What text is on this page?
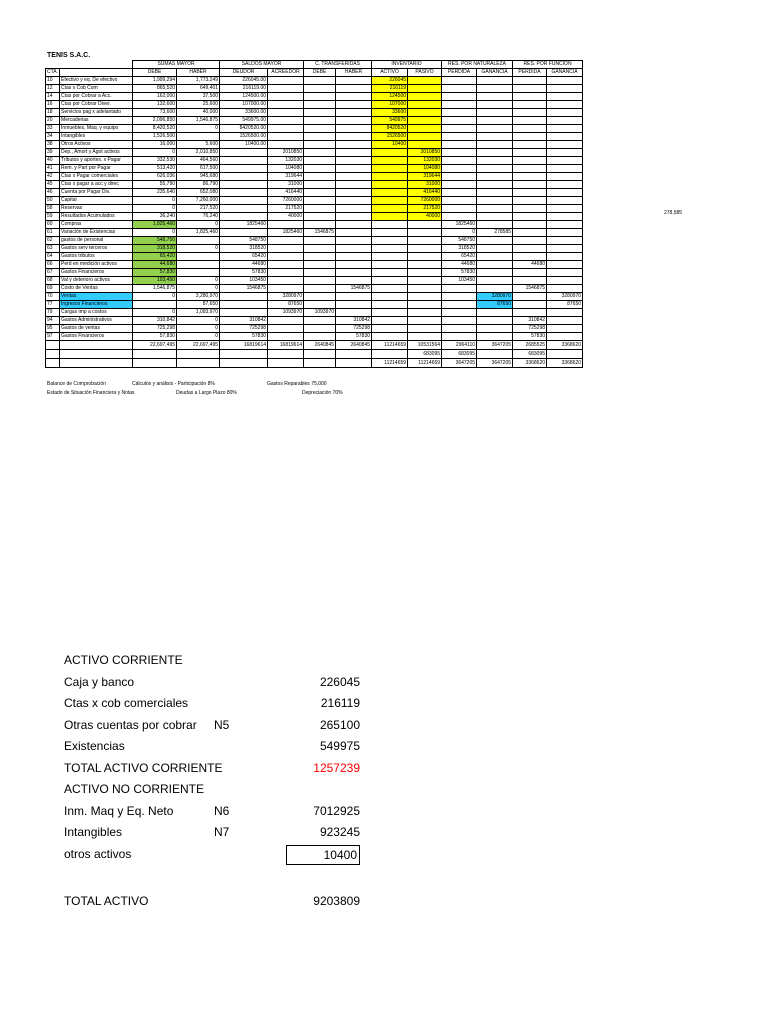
TENIS S.A.C.
		SUMAS MAYOR		SALDOS MAYOR		C. TRANSFERIDAS		INVENTARIO		RES. POR NATURALEZA		RES. POR FUNCIÓN	
CTA.		DEBE	HABER	DEUDOR	ACREEDOR	DEBE	HABER	ACTIVO	PASIVO	PERDIDA	GANANCIA	PERDIDA	GANANCIA
10	Efectivo y eq. De efectivo	1,999,294	1,773,249	226045.00				226045					
12	Ctas x Cob Com	865,520	649,401	216119.00				216119					
14	Ctas por Cobrar a Acc.	162,000	37,500	124500.00				124500					
16	Ctas por Cobrar Diver.	132,600	25,600	107000.00				107000					
18	Servicios pag x adelantado	73,600	40,000	33600.00				33600					
20	Mercaderias	2,096,850	1,546,875	549975.00				549975					
33	Inmuebles, Maq. y equipo	8,420,520	0	8420520.00				8420520					
34	Intangibles	1,526,500		1526500.00				1526500					
38	Otros Activos	16,000	5,600	10400.00				10400					
39	Dep., Amort y Agot activos	0	2,010,850		2010850				2010850				
40	Tributos y aportes. x Pagar	332,530	464,560		132030				132030				
41	Rem. y Part por Pagar	513,420	617,500		104080				104080				
42	Ctas x Pagar comerciales	626,036	945,680		319644				319644				
45	Ctas x pagar a acc y direc	55,790	86,790		31000				31000				
46	Cuenta por Pagar Div.	235,640	652,080		416440				416440				
50	Capital	0	7,260,000		7260000				7260000				
58	Reservas	0	217,520		217520				217520				
59	Resultados Acumulados	36,240	76,240		40000				40000				
60	Compras	1,825,460	0	1825460						1825460			
61	Variación de Existencias	0	1,825,460		1825460	1546875				0	278585		
62	gastos de personal	548,750		548750						548750			
63	Gastos serv terceros	318,520	0	318520						318520			
64	Gastos tributos	65,420		65420						65420			
66	Perd en medición activos	44,680		44680						44680		44680	
67	Gastos Financieros	57,830		57830						57830			
68	Val y deterioro activos	103,450	0	103450						103450			
69	Costo de Ventas	1,546,875	0	1546875			1546875					1546875	
70	Ventas	0	3,280,970		3280970						3280970		3280970
77	Ingresos Financieros		87,650		87650						87650		87650
79	Cargas imp a costos	0	1,093,970		1093970	1093970							
94	Gastos Administrativos	310,842	0	310842			310842					310842	
95	Gastos de ventas	725,298	0	725298			725298					725298	
97	Gastos Financieros	57,830	0	57830			57830					57830	
		22,697,495	22,697,495	16819614	16819614	2640845	2640845	11214659	10531564	2964110	3647205	2685525	3368620
									683095	683095		683095	
								11214659	11214659	3647205	3647205	3368620	3368620
Balance de Comprobación	Cálculos y análisis - Participación 8%	Gastos Reparables 75,000
Estado de Situación Financiera y Notas	Deudas a Largo Plazo 80%	Depreciación 70%
278,585
ACTIVO CORRIENTE
Caja y banco	226045
Ctas x cob comerciales	216119
Otras cuentas por cobrar N5	265100
Existencias	549975
TOTAL ACTIVO CORRIENTE	1257239
ACTIVO NO CORRIENTE
Inm. Maq y Eq. Neto	N6	7012925
Intangibles	N7	923245
otros activos	10400
TOTAL ACTIVO	9203809
